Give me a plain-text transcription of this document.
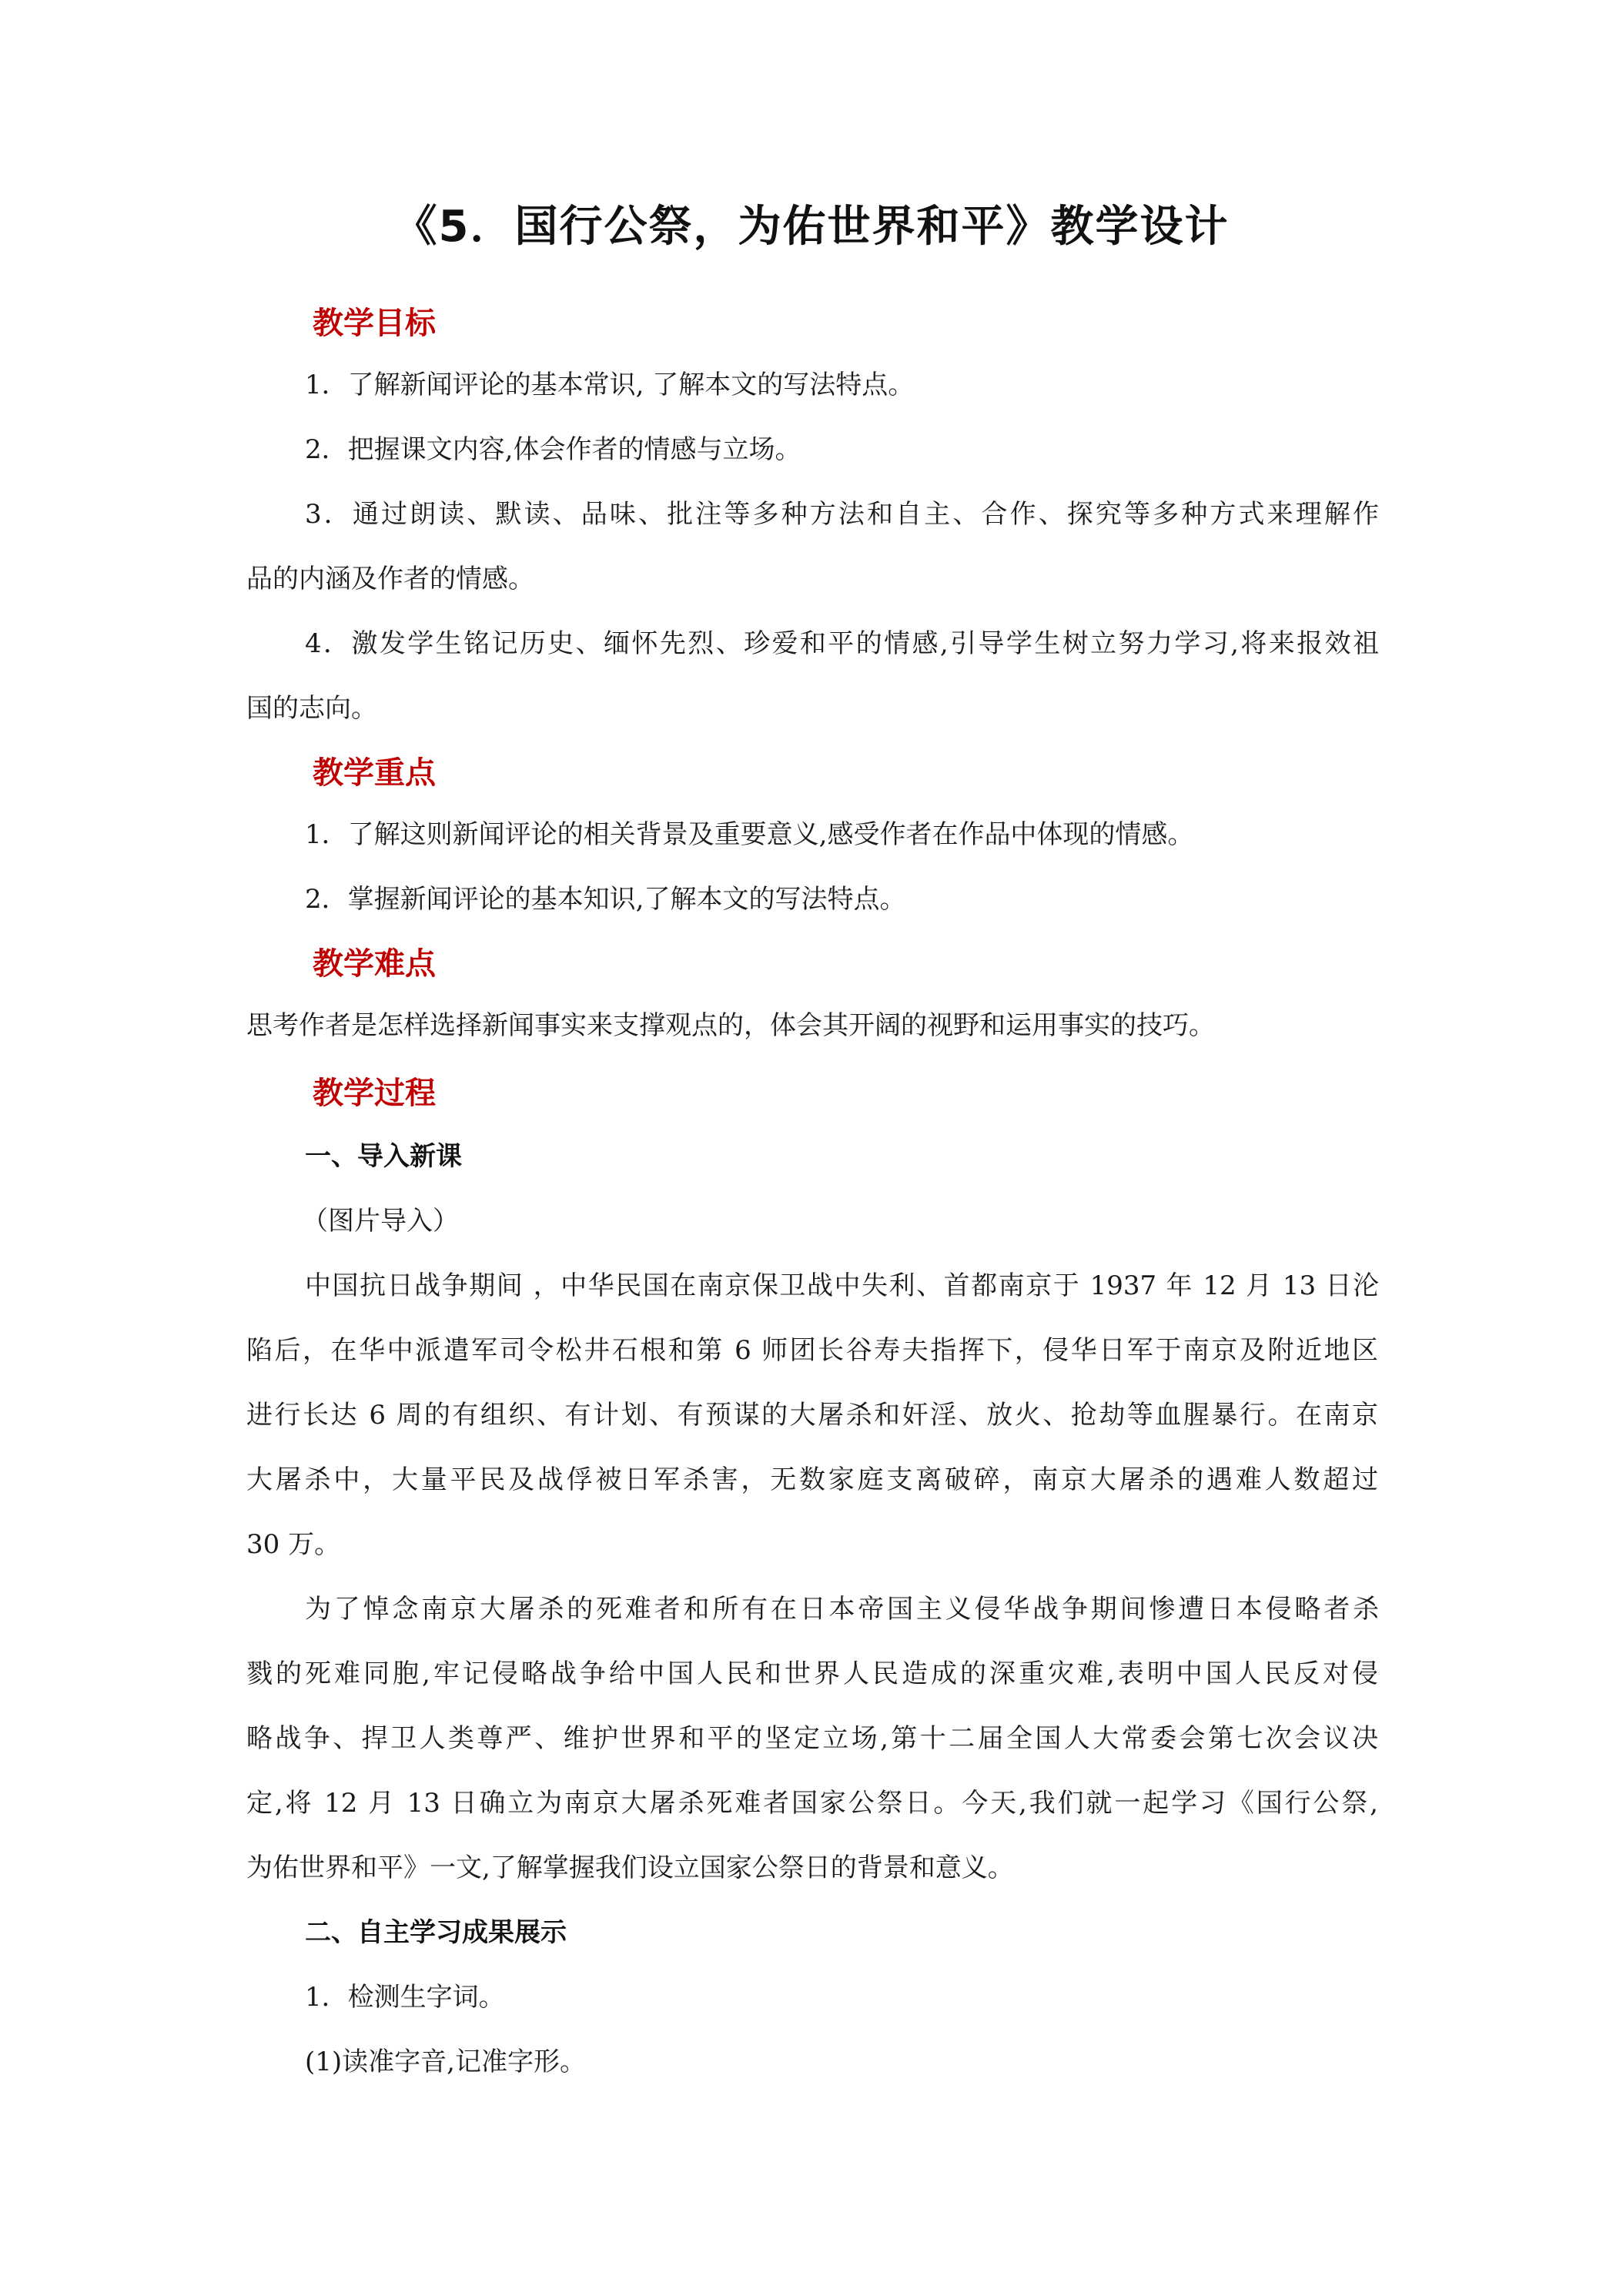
《5．国行公祭，为佑世界和平》教学设计
教学目标
1．了解新闻评论的基本常识, 了解本文的写法特点。
2．把握课文内容,体会作者的情感与立场。
3．通过朗读、默读、品味、批注等多种方法和自主、合作、探究等多种方式来理解作
品的内涵及作者的情感。
4．激发学生铭记历史、缅怀先烈、珍爱和平的情感,引导学生树立努力学习,将来报效祖
国的志向。
教学重点
1．了解这则新闻评论的相关背景及重要意义,感受作者在作品中体现的情感。
2．掌握新闻评论的基本知识,了解本文的写法特点。
教学难点
思考作者是怎样选择新闻事实来支撑观点的，体会其开阔的视野和运用事实的技巧。
教学过程
一、导入新课
（图片导入）
中国抗日战争期间 ，中华民国在南京保卫战中失利、首都南京于 1937 年 12 月 13 日沦
陷后，在华中派遣军司令松井石根和第 6 师团长谷寿夫指挥下，侵华日军于南京及附近地区
进行长达 6 周的有组织、有计划、有预谋的大屠杀和奸淫、放火、抢劫等血腥暴行。在南京
大屠杀中，大量平民及战俘被日军杀害，无数家庭支离破碎，南京大屠杀的遇难人数超过
30 万。
为了悼念南京大屠杀的死难者和所有在日本帝国主义侵华战争期间惨遭日本侵略者杀
戮的死难同胞,牢记侵略战争给中国人民和世界人民造成的深重灾难,表明中国人民反对侵
略战争、捍卫人类尊严、维护世界和平的坚定立场,第十二届全国人大常委会第七次会议决
定,将 12 月 13 日确立为南京大屠杀死难者国家公祭日。今天,我们就一起学习《国行公祭,
为佑世界和平》一文,了解掌握我们设立国家公祭日的背景和意义。
二、自主学习成果展示
1．检测生字词。
(1)读准字音,记准字形。
